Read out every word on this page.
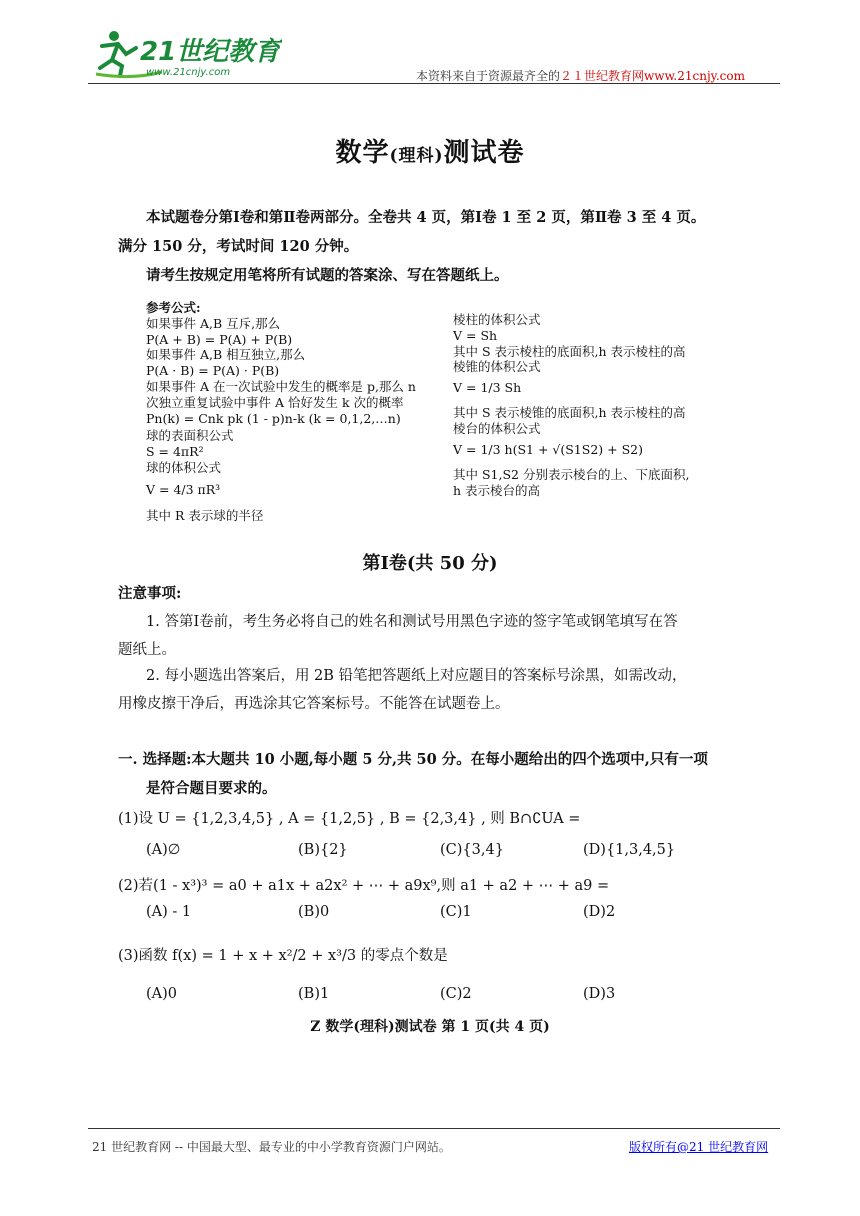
21世纪教育
www.21cnjy.com	本资料来自于资源最齐全的２１世纪教育网www.21cnjy.com
数学(理科)测试卷
本试题卷分第Ⅰ卷和第Ⅱ卷两部分。全卷共 4 页，第Ⅰ卷 1 至 2 页，第Ⅱ卷 3 至 4 页。
满分 150 分，考试时间 120 分钟。
请考生按规定用笔将所有试题的答案涂、写在答题纸上。
参考公式:
如果事件 A,B 互斥,那么
P(A + B) = P(A) + P(B)
如果事件 A,B 相互独立,那么
P(A · B) = P(A) · P(B)
如果事件 A 在一次试验中发生的概率是 p,那么 n
次独立重复试验中事件 A 恰好发生 k 次的概率
Pn(k) = Cnk pk (1 - p)n-k (k = 0,1,2,…n)
球的表面积公式
S = 4πR²
球的体积公式
V = 4/3 πR³
其中 R 表示球的半径
棱柱的体积公式
V = Sh
其中 S 表示棱柱的底面积,h 表示棱柱的高
棱锥的体积公式
V = 1/3 Sh
其中 S 表示棱锥的底面积,h 表示棱柱的高
棱台的体积公式
V = 1/3 h(S1 + √(S1S2) + S2)
其中 S1,S2 分别表示棱台的上、下底面积,
h 表示棱台的高
第Ⅰ卷(共 50 分)
注意事项:
1. 答第Ⅰ卷前，考生务必将自己的姓名和测试号用黑色字迹的签字笔或钢笔填写在答
题纸上。
2. 每小题选出答案后，用 2B 铅笔把答题纸上对应题目的答案标号涂黑，如需改动，
用橡皮擦干净后，再选涂其它答案标号。不能答在试题卷上。
一. 选择题:本大题共 10 小题,每小题 5 分,共 50 分。在每小题给出的四个选项中,只有一项
是符合题目要求的。
(1)设 U = {1,2,3,4,5} , A = {1,2,5} , B = {2,3,4} , 则 B∩∁UA =
(A)∅	(B){2}	(C){3,4}	(D){1,3,4,5}
(2)若(1 - x³)³ = a0 + a1x + a2x² + ⋯ + a9x⁹,则 a1 + a2 + ⋯ + a9 =
(A) - 1	(B)0	(C)1	(D)2
(3)函数 f(x) = 1 + x + x²/2 + x³/3 的零点个数是
(A)0	(B)1	(C)2	(D)3
Z 数学(理科)测试卷 第 1 页(共 4 页)
21 世纪教育网 -- 中国最大型、最专业的中小学教育资源门户网站。	版权所有@21 世纪教育网
